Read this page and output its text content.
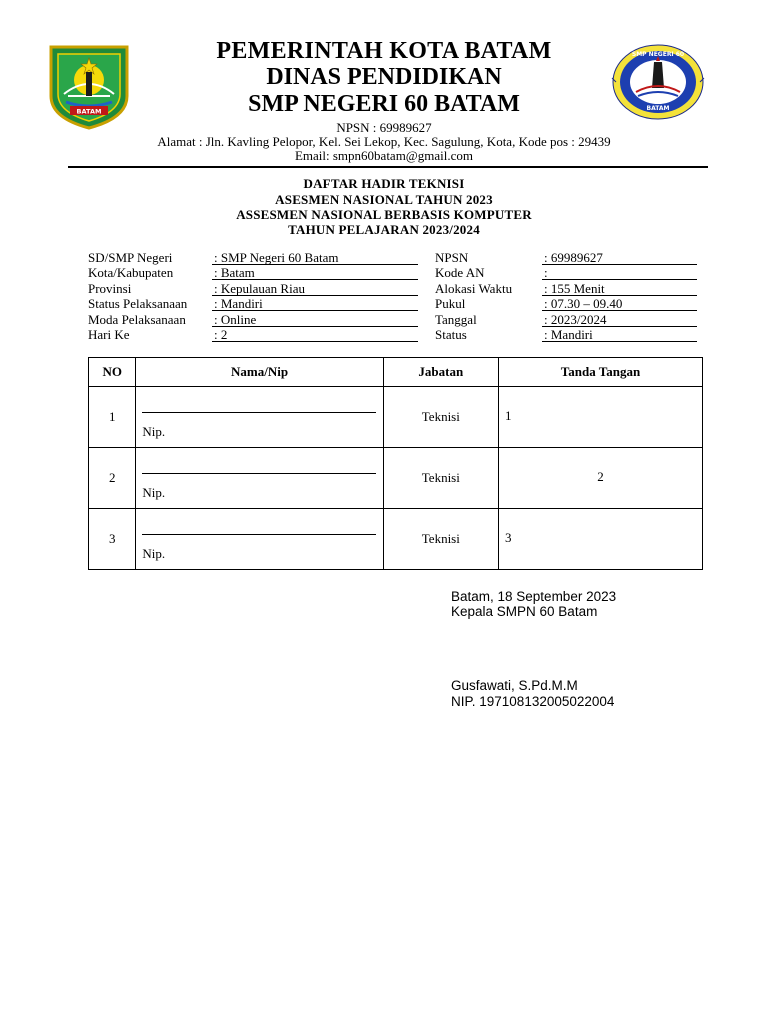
BATAM
PEMERINTAH KOTA BATAM
DINAS PENDIDIKAN
SMP NEGERI 60 BATAM
NPSN : 69989627
Alamat : Jln. Kavling Pelopor, Kel. Sei Lekop, Kec. Sagulung, Kota, Kode pos : 29439
Email: smpn60batam@gmail.com
SMP NEGERI 60
BATAM
DAFTAR HADIR TEKNISI
ASESMEN NASIONAL TAHUN 2023
ASSESMEN NASIONAL BERBASIS KOMPUTER
TAHUN PELAJARAN 2023/2024
SD/SMP Negeri	: SMP Negeri 60 Batam
Kota/Kabupaten	: Batam
Provinsi	: Kepulauan Riau
Status Pelaksanaan	: Mandiri
Moda Pelaksanaan	: Online
Hari Ke	: 2
NPSN	: 69989627
Kode AN	:
Alokasi Waktu	: 155 Menit
Pukul	: 07.30 – 09.40
Tanggal	: 2023/2024
Status	: Mandiri
NO	Nama/Nip	Jabatan	Tanda Tangan
1	Nip.	Teknisi	1

2	Nip.	Teknisi	2

3	Nip.	Teknisi	3
Batam, 18 September 2023
Kepala SMPN 60 Batam
Gusfawati, S.Pd.M.M
NIP. 197108132005022004
